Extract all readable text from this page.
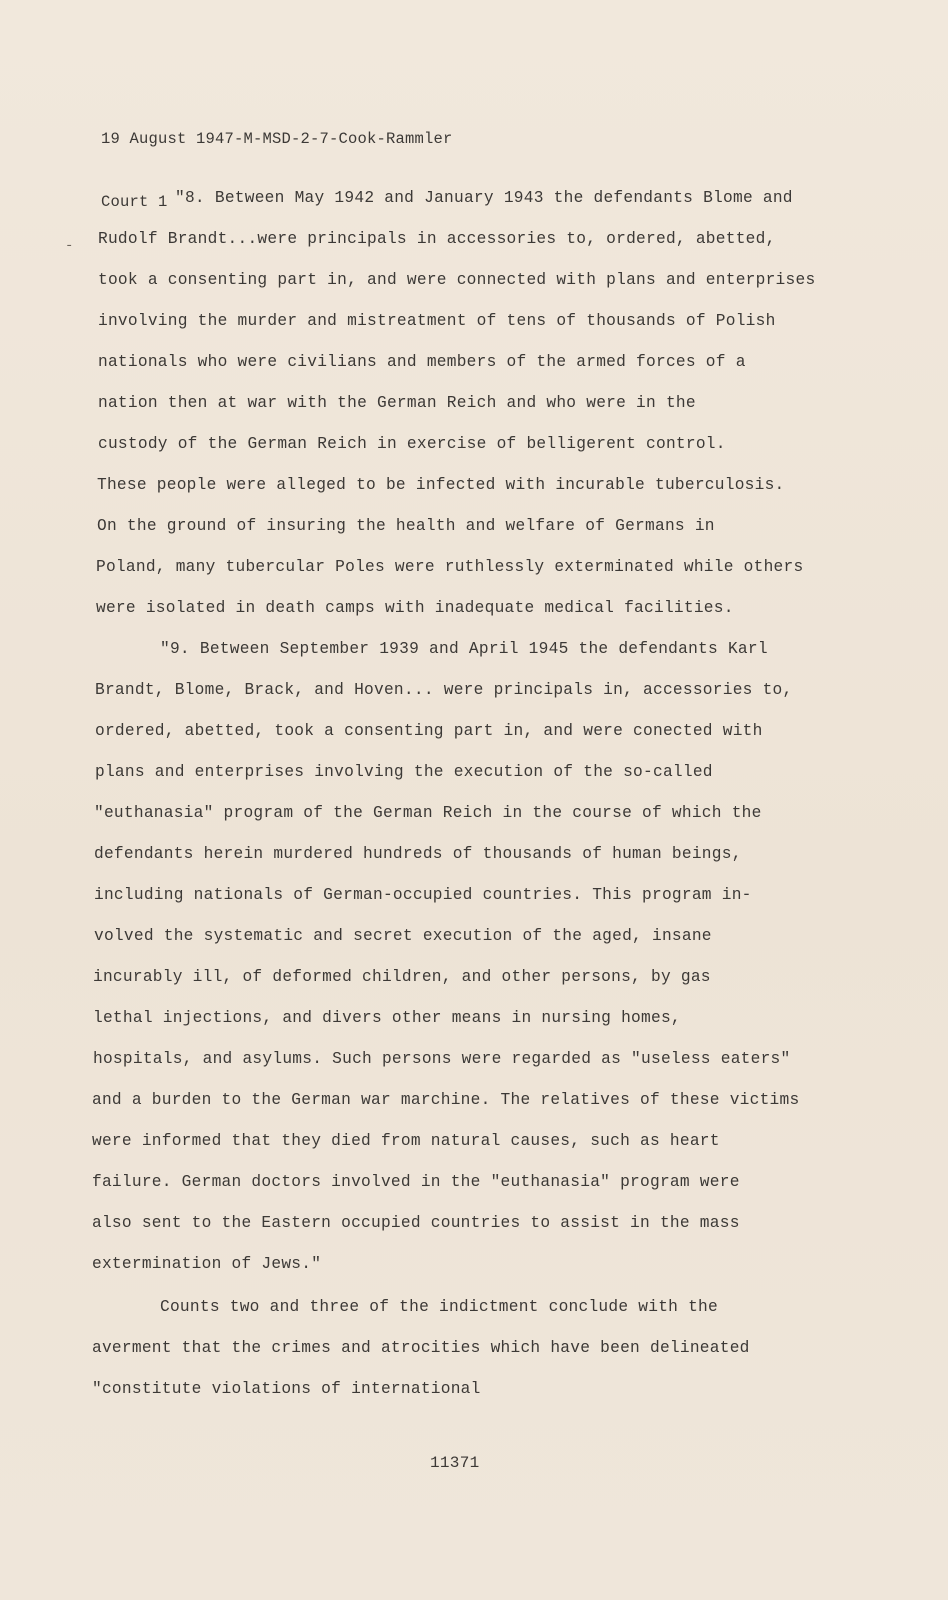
19 August 1947-M-MSD-2-7-Cook-Rammler

Court 1

-
"8. Between May 1942 and January 1943 the defendants Blome and
Rudolf Brandt...were principals in accessories to, ordered, abetted,
took a consenting part in, and were connected with plans and enterprises
involving the murder and mistreatment of tens of thousands of Polish
nationals who were civilians and members of the armed forces of a
nation then at war with the German Reich and who were in the
custody of the German Reich in exercise of belligerent control.
These people were alleged to be infected with incurable tuberculosis.
On the ground of insuring the health and welfare of Germans in
Poland, many tubercular Poles were ruthlessly exterminated while others
were isolated in death camps with inadequate medical facilities.
"9. Between September 1939 and April 1945 the defendants Karl
Brandt, Blome, Brack, and Hoven... were principals in, accessories to,
ordered, abetted, took a consenting part in, and were conected with
plans and enterprises involving the execution of the so-called
"euthanasia" program of the German Reich in the course of which the
defendants herein murdered hundreds of thousands of human beings,
including nationals of German-occupied countries. This program in-
volved the systematic and secret execution of the aged, insane
incurably ill, of deformed children, and other persons, by gas
lethal injections, and divers other means in nursing homes,
hospitals, and asylums. Such persons were regarded as "useless eaters"
and a burden to the German war marchine. The relatives of these victims
were informed that they died from natural causes, such as heart
failure. German doctors involved in the "euthanasia" program were
also sent to the Eastern occupied countries to assist in the mass
extermination of Jews."
Counts two and three of the indictment conclude with the
averment that the crimes and atrocities which have been delineated
"constitute violations of international
11371
